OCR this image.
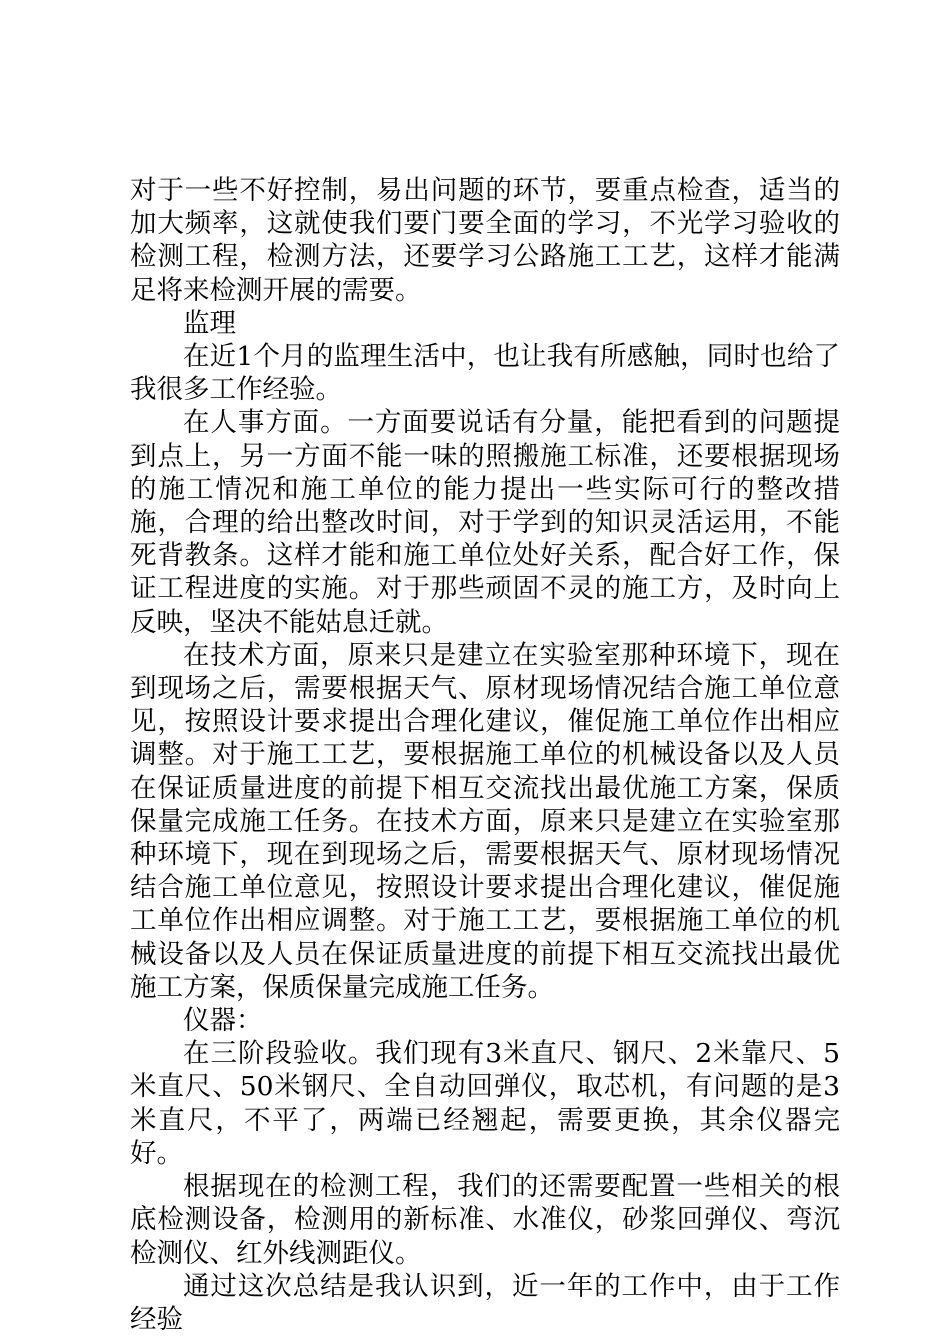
对于一些不好控制，易出问题的环节，要重点检查，适当的加大频率，这就使我们要门要全面的学习，不光学习验收的检测工程，检测方法，还要学习公路施工工艺，这样才能满足将来检测开展的需要。

监理

在近1个月的监理生活中，也让我有所感触，同时也给了我很多工作经验。

在人事方面。一方面要说话有分量，能把看到的问题提到点上，另一方面不能一味的照搬施工标准，还要根据现场的施工情况和施工单位的能力提出一些实际可行的整改措施，合理的给出整改时间，对于学到的知识灵活运用，不能死背教条。这样才能和施工单位处好关系，配合好工作，保证工程进度的实施。对于那些顽固不灵的施工方，及时向上反映，坚决不能姑息迁就。

在技术方面，原来只是建立在实验室那种环境下，现在到现场之后，需要根据天气、原材现场情况结合施工单位意见，按照设计要求提出合理化建议，催促施工单位作出相应调整。对于施工工艺，要根据施工单位的机械设备以及人员在保证质量进度的前提下相互交流找出最优施工方案，保质保量完成施工任务。在技术方面，原来只是建立在实验室那种环境下，现在到现场之后，需要根据天气、原材现场情况结合施工单位意见，按照设计要求提出合理化建议，催促施工单位作出相应调整。对于施工工艺，要根据施工单位的机械设备以及人员在保证质量进度的前提下相互交流找出最优施工方案，保质保量完成施工任务。

仪器：

在三阶段验收。我们现有3米直尺、钢尺、2米靠尺、5米直尺、50米钢尺、全自动回弹仪，取芯机，有问题的是3米直尺，不平了，两端已经翘起，需要更换，其余仪器完好。

根据现在的检测工程，我们的还需要配置一些相关的根底检测设备，检测用的新标准、水准仪，砂浆回弹仪、弯沉检测仪、红外线测距仪。

通过这次总结是我认识到，近一年的工作中，由于工作经验
